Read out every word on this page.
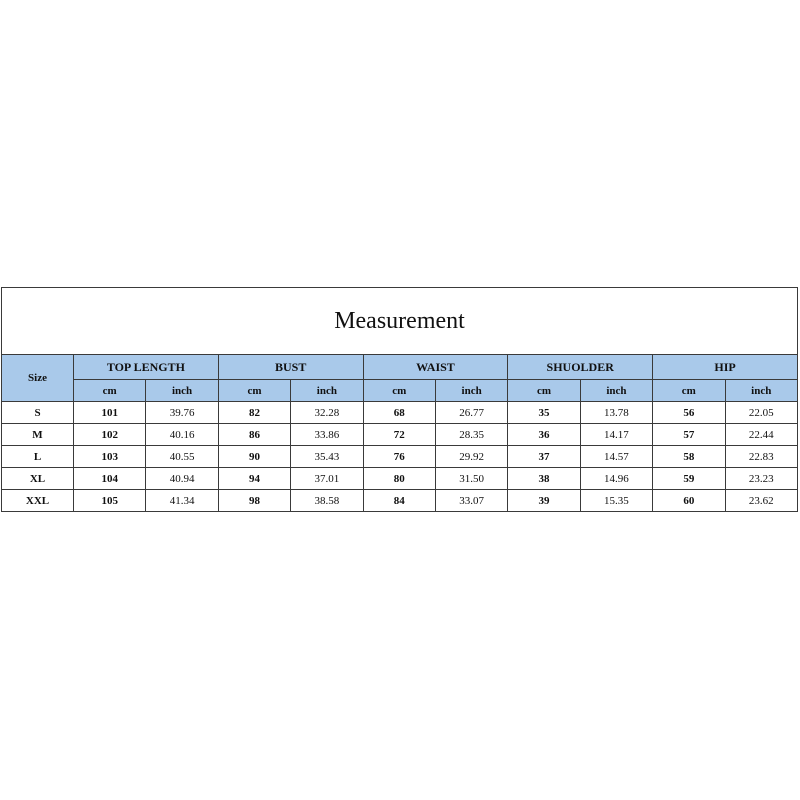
Measurement										
Size	TOP LENGTH		BUST		WAIST		SHUOLDER		HIP	
	cm	inch	cm	inch	cm	inch	cm	inch	cm	inch
S	101	39.76	82	32.28	68	26.77	35	13.78	56	22.05
M	102	40.16	86	33.86	72	28.35	36	14.17	57	22.44
L	103	40.55	90	35.43	76	29.92	37	14.57	58	22.83
XL	104	40.94	94	37.01	80	31.50	38	14.96	59	23.23
XXL	105	41.34	98	38.58	84	33.07	39	15.35	60	23.62
